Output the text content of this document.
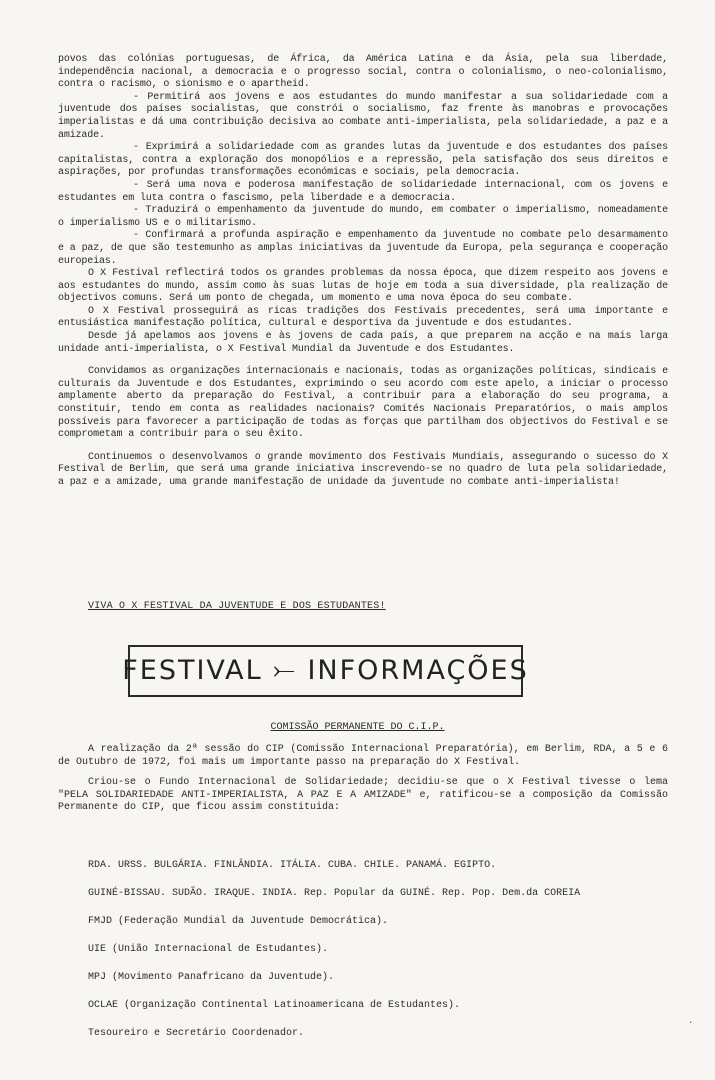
povos das colónias portuguesas, de África, da América Latina e da Ásia, pela sua liberdade, independência nacional, a democracia e o progresso social, contra o colonialismo, o neo-colonialismo, contra o racismo, o sionismo e o apartheid.

- Permitirá aos jovens e aos estudantes do mundo manifestar a sua solidariedade com a juventude dos países socialistas, que constrói o socialismo, faz frente às manobras e provocações imperialistas e dá uma contribuição decisiva ao combate anti-imperialista, pela solidariedade, a paz e a amizade.

- Exprimirá a solidariedade com as grandes lutas da juventude e dos estudantes dos países capitalistas, contra a exploração dos monopólios e a repressão, pela satisfação dos seus direitos e aspirações, por profundas transformações económicas e sociais, pela democracia.

- Será uma nova e poderosa manifestação de solidariedade internacional, com os jovens e estudantes em luta contra o fascismo, pela liberdade e a democracia.

- Traduzirá o empenhamento da juventude do mundo, em combater o imperialismo, nomeadamente o imperialismo US e o militarismo.

- Confirmará a profunda aspiração e empenhamento da juventude no combate pelo desarmamento e a paz, de que são testemunho as amplas iniciativas da juventude da Europa, pela segurança e cooperação europeias.

O X Festival reflectirá todos os grandes problemas da nossa época, que dizem respeito aos jovens e aos estudantes do mundo, assim como às suas lutas de hoje em toda a sua diversidade, pla realização de objectivos comuns. Será um ponto de chegada, um momento e uma nova época do seu combate.

O X Festival prosseguirá as ricas tradições dos Festivais precedentes, será uma importante e entusiástica manifestação política, cultural e desportiva da juventude e dos estudantes.

Desde já apelamos aos jovens e às jovens de cada país, a que preparem na acção e na mais larga unidade anti-imperialista, o X Festival Mundial da Juventude e dos Estudantes.

Convidamos as organizações internacionais e nacionais, todas as organizações políticas, sindicais e culturais da Juventude e dos Estudantes, exprimindo o seu acordo com este apelo, a iniciar o processo amplamente aberto da preparação do Festival, a contribuir para a elaboração do seu programa, a constituir, tendo em conta as realidades nacionais? Comités Nacionais Preparatórios, o mais amplos possíveis para favorecer a participação de todas as forças que partilham dos objectivos do Festival e se comprometam a contribuir para o seu êxito.

Continuemos o desenvolvamos o grande movimento dos Festivais Mundiais, assegurando o sucesso do X Festival de Berlim, que será uma grande iniciativa inscrevendo-se no quadro de luta pela solidariedade, a paz e a amizade, uma grande manifestação de unidade da juventude no combate anti-imperialista!

VIVA O X FESTIVAL DA JUVENTUDE E DOS ESTUDANTES!
FESTIVAL ⤚ INFORMAÇÕES
COMISSÃO PERMANENTE DO C.I.P.

A realização da 2ª sessão do CIP (Comissão Internacional Preparatória), em Berlim, RDA, a 5 e 6 de Outubro de 1972, foi mais um importante passo na preparação do X Festival.

Criou-se o Fundo Internacional de Solidariedade; decidiu-se que o X Festival tivesse o lema "PELA SOLIDARIEDADE ANTI-IMPERIALISTA, A PAZ E A AMIZADE" e, ratificou-se a composição da Comissão Permanente do CIP, que ficou assim constituida:

RDA. URSS. BULGÁRIA. FINLÂNDIA. ITÁLIA. CUBA. CHILE. PANAMÁ. EGIPTO.
GUINÉ-BISSAU. SUDÃO. IRAQUE. INDIA. Rep. Popular da GUINÉ. Rep. Pop. Dem.da COREIA
FMJD (Federação Mundial da Juventude Democrática).
UIE (União Internacional de Estudantes).
MPJ (Movimento Panafricano da Juventude).
OCLAE (Organização Continental Latinoamericana de Estudantes).
Tesoureiro e Secretário Coordenador.
·
